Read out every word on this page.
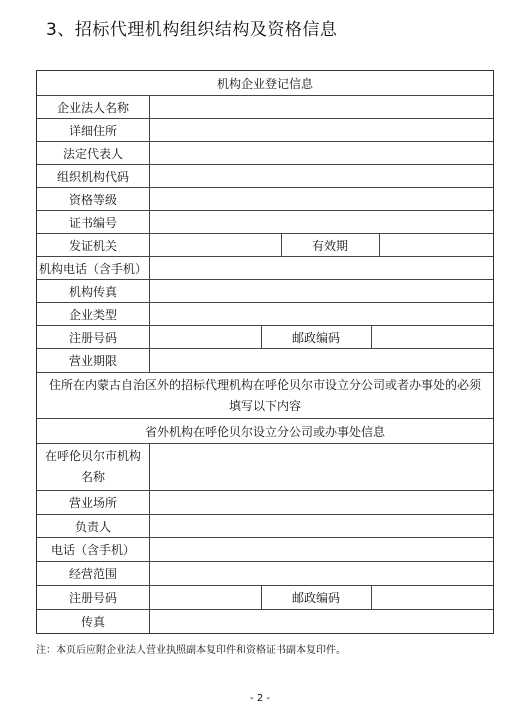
3、招标代理机构组织结构及资格信息
机构企业登记信息
企业法人名称
详细住所
法定代表人
组织机构代码
资格等级
证书编号
发证机关	有效期
机构电话（含手机）
机构传真
企业类型
注册号码	邮政编码
营业期限
住所在内蒙古自治区外的招标代理机构在呼伦贝尔市设立分公司或者办事处的必须
填写以下内容
省外机构在呼伦贝尔设立分公司或办事处信息
在呼伦贝尔市机构
名称
营业场所
负责人
电话（含手机）
经营范围
注册号码	邮政编码
传真
注：本页后应附企业法人营业执照副本复印件和资格证书副本复印件。
- 2 -
